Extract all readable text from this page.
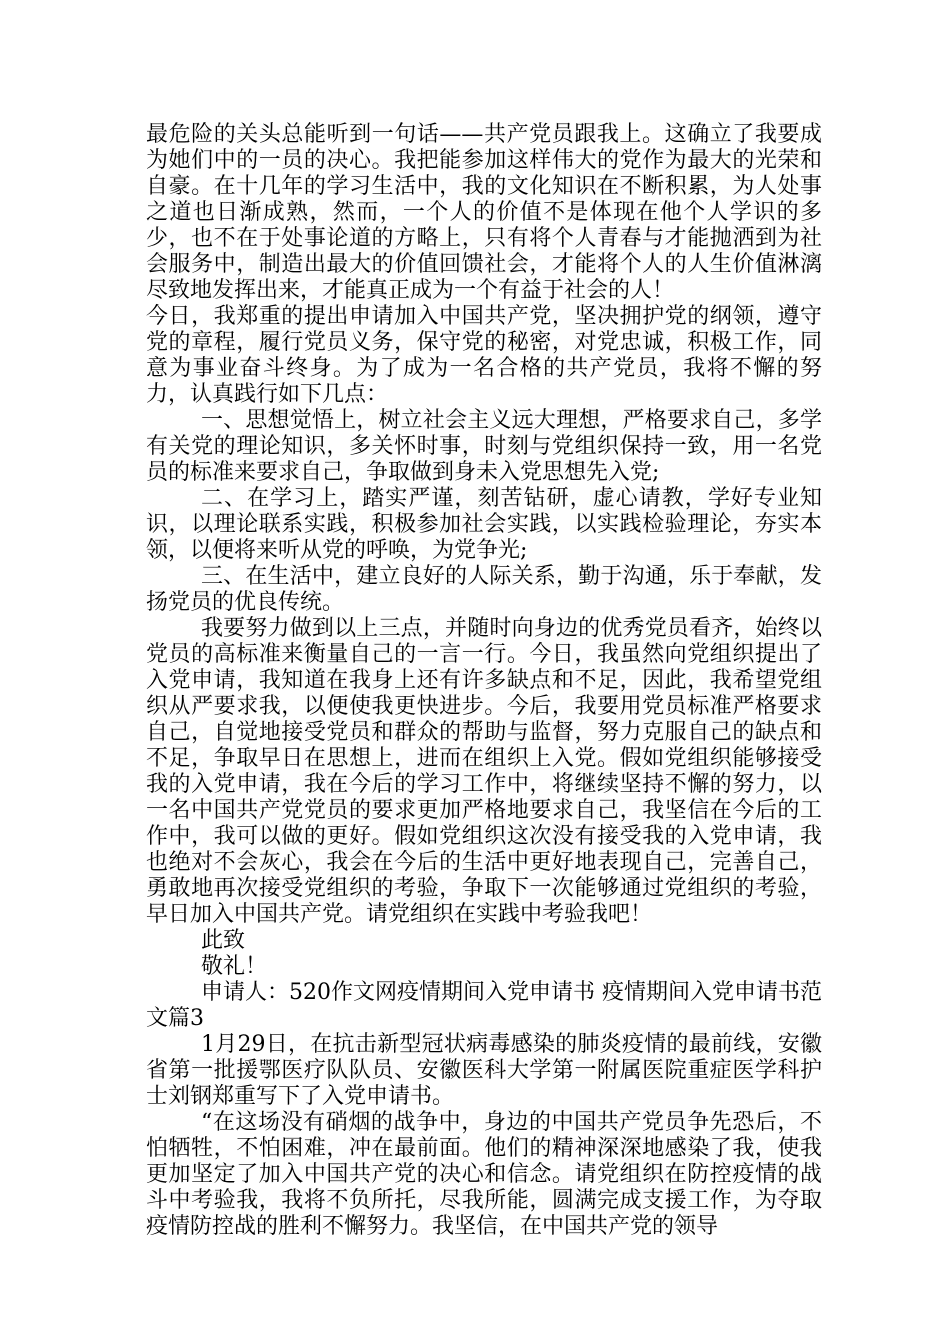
最危险的关头总能听到一句话——共产党员跟我上。这确立了我要成为她们中的一员的决心。我把能参加这样伟大的党作为最大的光荣和自豪。在十几年的学习生活中，我的文化知识在不断积累，为人处事之道也日渐成熟，然而，一个人的价值不是体现在他个人学识的多少，也不在于处事论道的方略上，只有将个人青春与才能抛洒到为社会服务中，制造出最大的价值回馈社会，才能将个人的人生价值淋漓尽致地发挥出来，才能真正成为一个有益于社会的人！

今日，我郑重的提出申请加入中国共产党，坚决拥护党的纲领，遵守党的章程，履行党员义务，保守党的秘密，对党忠诚，积极工作，同意为事业奋斗终身。为了成为一名合格的共产党员，我将不懈的努力，认真践行如下几点：

一、思想觉悟上，树立社会主义远大理想，严格要求自己，多学有关党的理论知识，多关怀时事，时刻与党组织保持一致，用一名党员的标准来要求自己，争取做到身未入党思想先入党;

二、在学习上，踏实严谨，刻苦钻研，虚心请教，学好专业知识，以理论联系实践，积极参加社会实践，以实践检验理论，夯实本领，以便将来听从党的呼唤，为党争光;

三、在生活中，建立良好的人际关系，勤于沟通，乐于奉献，发扬党员的优良传统。

我要努力做到以上三点，并随时向身边的优秀党员看齐，始终以党员的高标准来衡量自己的一言一行。今日，我虽然向党组织提出了入党申请，我知道在我身上还有许多缺点和不足，因此，我希望党组织从严要求我，以便使我更快进步。今后，我要用党员标准严格要求自己，自觉地接受党员和群众的帮助与监督，努力克服自己的缺点和不足，争取早日在思想上，进而在组织上入党。假如党组织能够接受我的入党申请，我在今后的学习工作中，将继续坚持不懈的努力，以一名中国共产党党员的要求更加严格地要求自己，我坚信在今后的工作中，我可以做的更好。假如党组织这次没有接受我的入党申请，我也绝对不会灰心，我会在今后的生活中更好地表现自己，完善自己，勇敢地再次接受党组织的考验，争取下一次能够通过党组织的考验，早日加入中国共产党。请党组织在实践中考验我吧！

此致

敬礼！

申请人：520作文网疫情期间入党申请书 疫情期间入党申请书范文篇3

1月29日，在抗击新型冠状病毒感染的肺炎疫情的最前线，安徽省第一批援鄂医疗队队员、安徽医科大学第一附属医院重症医学科护士刘钢郑重写下了入党申请书。

“在这场没有硝烟的战争中，身边的中国共产党员争先恐后，不怕牺牲，不怕困难，冲在最前面。他们的精神深深地感染了我，使我更加坚定了加入中国共产党的决心和信念。请党组织在防控疫情的战斗中考验我，我将不负所托，尽我所能，圆满完成支援工作，为夺取疫情防控战的胜利不懈努力。我坚信，在中国共产党的领导
